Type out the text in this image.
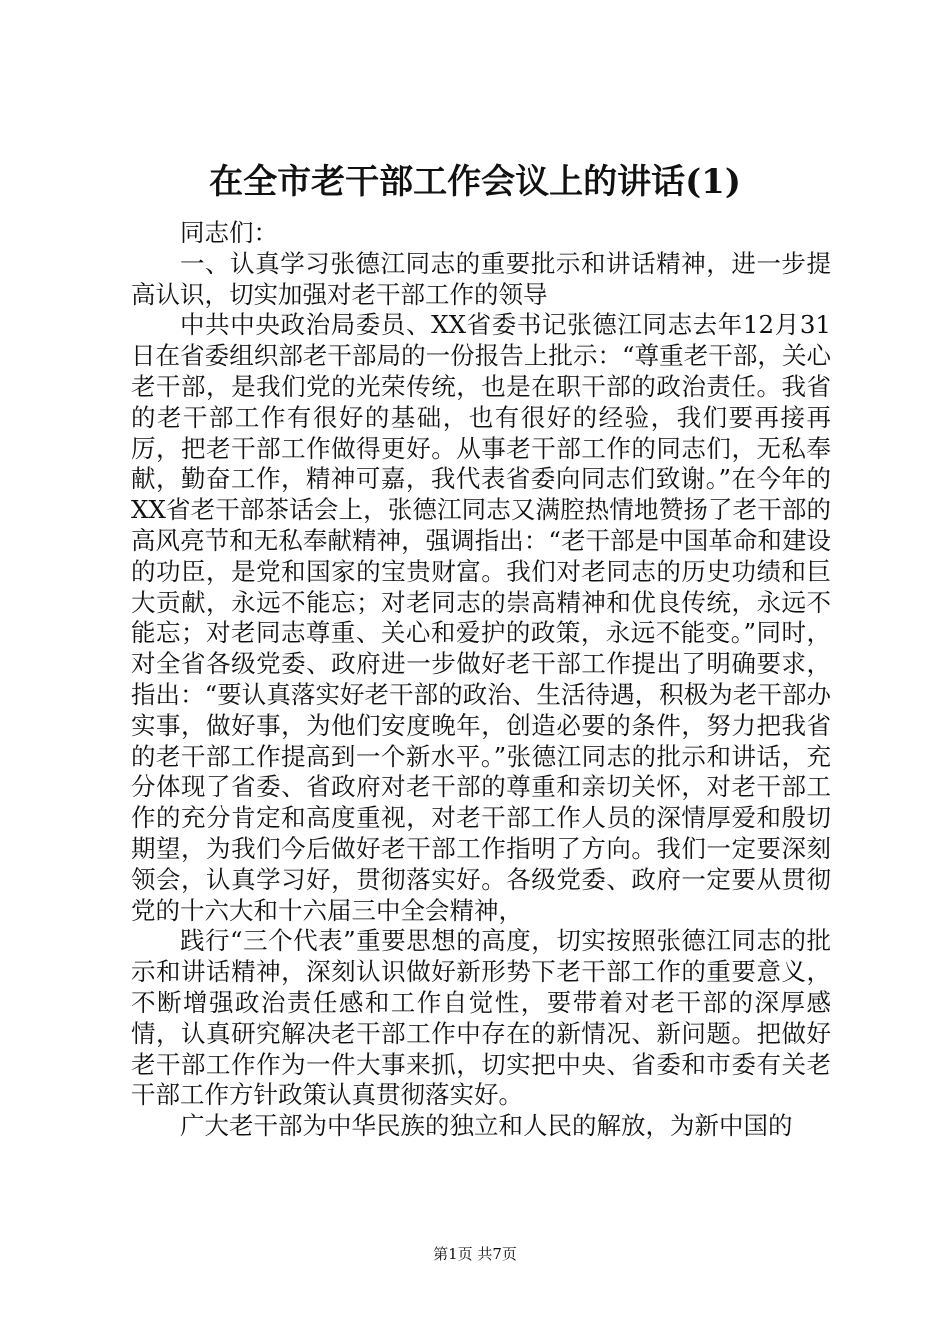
在全市老干部工作会议上的讲话(1)

同志们：

一、认真学习张德江同志的重要批示和讲话精神，进一步提高认识，切实加强对老干部工作的领导

中共中央政治局委员、XX省委书记张德江同志去年12月31日在省委组织部老干部局的一份报告上批示：“尊重老干部，关心老干部，是我们党的光荣传统，也是在职干部的政治责任。我省的老干部工作有很好的基础，也有很好的经验，我们要再接再厉，把老干部工作做得更好。从事老干部工作的同志们，无私奉献，勤奋工作，精神可嘉，我代表省委向同志们致谢。”在今年的XX省老干部茶话会上，张德江同志又满腔热情地赞扬了老干部的高风亮节和无私奉献精神，强调指出：“老干部是中国革命和建设的功臣，是党和国家的宝贵财富。我们对老同志的历史功绩和巨大贡献，永远不能忘；对老同志的崇高精神和优良传统，永远不能忘；对老同志尊重、关心和爱护的政策，永远不能变。”同时，对全省各级党委、政府进一步做好老干部工作提出了明确要求，指出：“要认真落实好老干部的政治、生活待遇，积极为老干部办实事，做好事，为他们安度晚年，创造必要的条件，努力把我省的老干部工作提高到一个新水平。”张德江同志的批示和讲话，充分体现了省委、省政府对老干部的尊重和亲切关怀，对老干部工作的充分肯定和高度重视，对老干部工作人员的深情厚爱和殷切期望，为我们今后做好老干部工作指明了方向。我们一定要深刻领会，认真学习好，贯彻落实好。各级党委、政府一定要从贯彻党的十六大和十六届三中全会精神，

践行“三个代表”重要思想的高度，切实按照张德江同志的批示和讲话精神，深刻认识做好新形势下老干部工作的重要意义，不断增强政治责任感和工作自觉性，要带着对老干部的深厚感情，认真研究解决老干部工作中存在的新情况、新问题。把做好老干部工作作为一件大事来抓，切实把中央、省委和市委有关老干部工作方针政策认真贯彻落实好。

广大老干部为中华民族的独立和人民的解放，为新中国的

第1页 共7页
